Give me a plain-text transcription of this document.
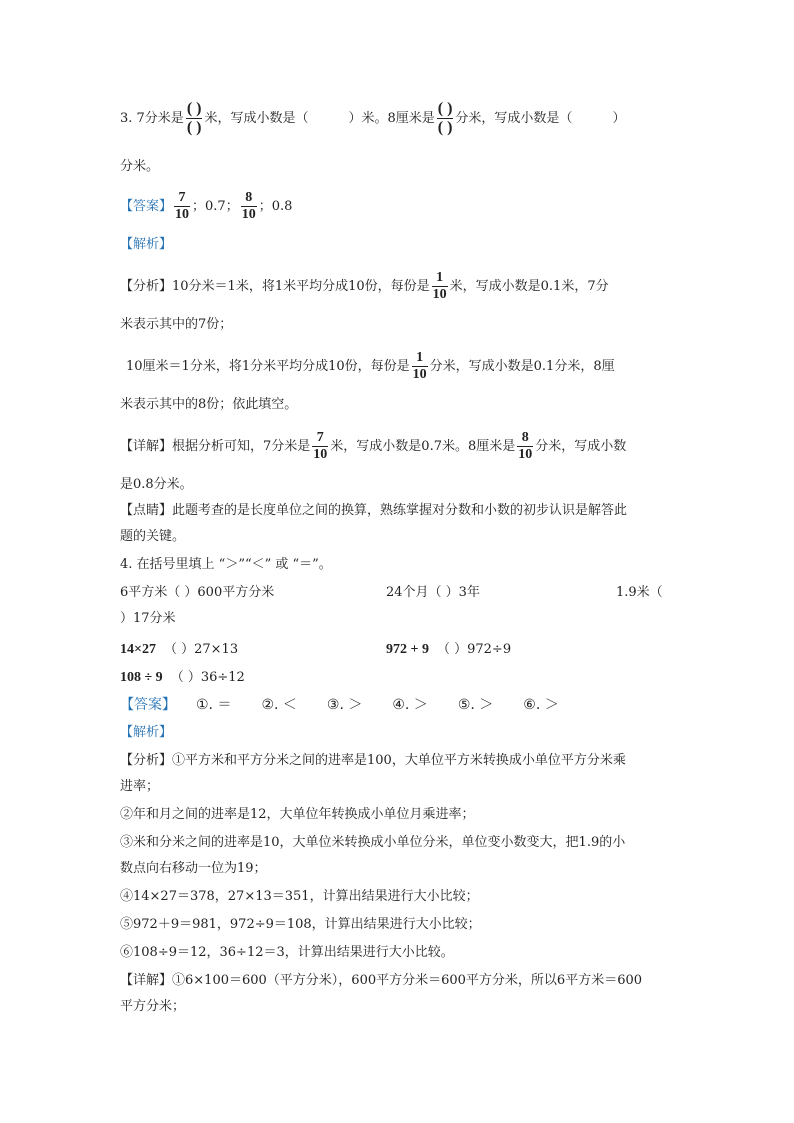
3. 7分米是 $\frac{( )}{( )}$ 米，写成小数是（	）米。8厘米是 $\frac{( )}{( )}$ 分米，写成小数是（	）
分米。
【答案】 $\frac{7}{10}$ ；0.7； $\frac{8}{10}$ ；0.8
【解析】
【分析】10分米＝1米，将1米平均分成10份，每份是 $\frac{1}{10}$ 米，写成小数是0.1米，7分
米表示其中的7份；
10厘米＝1分米，将1分米平均分成10份，每份是 $\frac{1}{10}$ 分米，写成小数是0.1分米，8厘
米表示其中的8份；依此填空。
【详解】根据分析可知，7分米是 $\frac{7}{10}$ 米，写成小数是0.7米。8厘米是 $\frac{8}{10}$ 分米，写成小数
是0.8分米。
【点睛】此题考查的是长度单位之间的换算，熟练掌握对分数和小数的初步认识是解答此
题的关键。
4. 在括号里填上 “＞”“＜” 或 “＝”。
6平方米（ ）600平方分米	24个月（ ）3年	1.9米（
）17分米
14×27 （ ）27×13	972 + 9 （ ）972÷9
108 ÷ 9 （ ）36÷12
【答案】 ①. ＝ ②. ＜ ③. ＞ ④. ＞ ⑤. ＞ ⑥. ＞
【解析】
【分析】①平方米和平方分米之间的进率是100，大单位平方米转换成小单位平方分米乘
进率；
②年和月之间的进率是12，大单位年转换成小单位月乘进率；
③米和分米之间的进率是10，大单位米转换成小单位分米，单位变小数变大，把1.9的小
数点向右移动一位为19；
④14×27＝378，27×13＝351，计算出结果进行大小比较；
⑤972＋9＝981，972÷9＝108，计算出结果进行大小比较；
⑥108÷9＝12，36÷12＝3，计算出结果进行大小比较。
【详解】①6×100＝600（平方分米），600平方分米＝600平方分米，所以6平方米＝600
平方分米；
